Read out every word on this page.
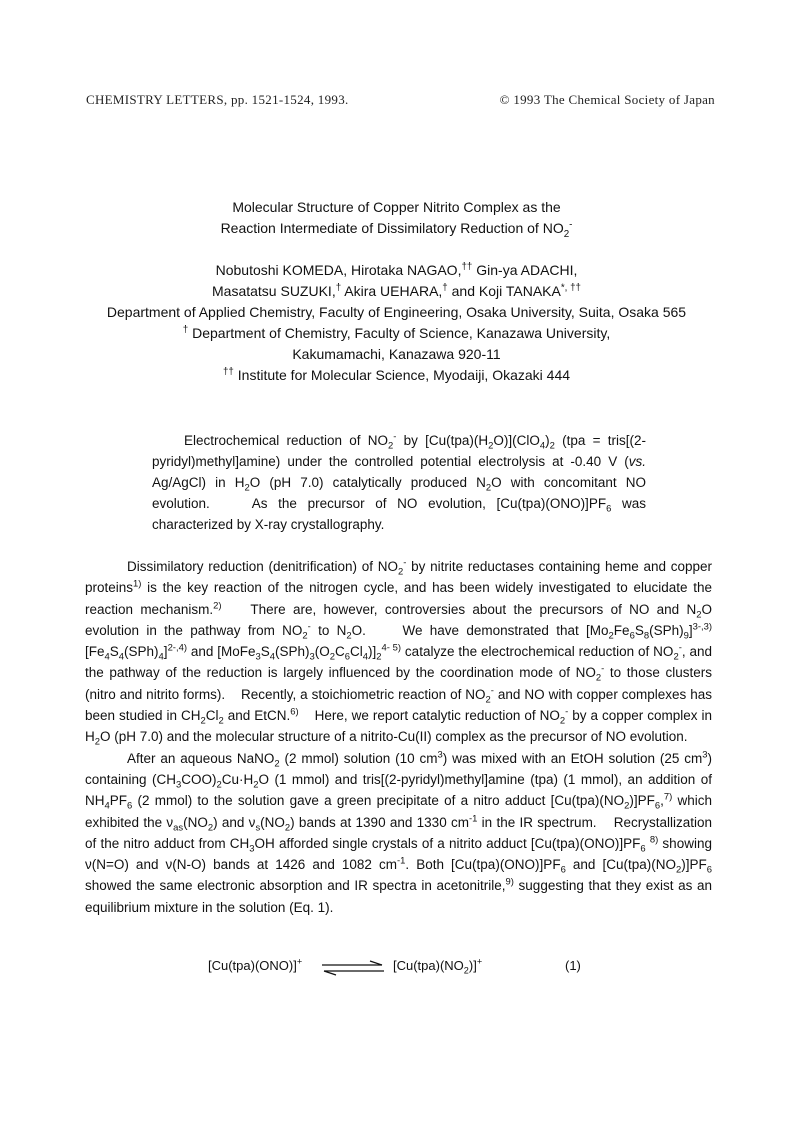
CHEMISTRY LETTERS, pp. 1521-1524, 1993.	© 1993 The Chemical Society of Japan
Molecular Structure of Copper Nitrito Complex as the
Reaction Intermediate of Dissimilatory Reduction of $NO_2^-$
Nobutoshi KOMEDA, Hirotaka NAGAO,†† Gin-ya ADACHI,
Masatatsu SUZUKI,† Akira UEHARA,† and Koji TANAKA*, ††
Department of Applied Chemistry, Faculty of Engineering, Osaka University, Suita, Osaka 565
† Department of Chemistry, Faculty of Science, Kanazawa University,
Kakumamachi, Kanazawa 920-11
†† Institute for Molecular Science, Myodaiji, Okazaki 444

Electrochemical reduction of $NO_2^-$ by $[Cu(tpa)(H_2O)](ClO_4)_2$ (tpa = tris[(2-pyridyl)methyl]amine) under the controlled potential electrolysis at -0.40 V (vs. Ag/AgCl) in $H_2O$ (pH 7.0) catalytically produced $N_2O$ with concomitant NO evolution.    As the precursor of NO evolution, $[Cu(tpa)(ONO)]PF_6$ was characterized by X-ray crystallography.

Dissimilatory reduction (denitrification) of $NO_2^-$ by nitrite reductases containing heme and copper proteins$^{1)}$ is the key reaction of the nitrogen cycle, and has been widely investigated to elucidate the reaction mechanism.$^{2)}$    There are, however, controversies about the precursors of NO and $N_2O$ evolution in the pathway from $NO_2^-$ to $N_2O$.     We have demonstrated that $[Mo_2Fe_6S_8(SPh)_9]^{3-,3)}$ $[Fe_4S_4(SPh)_4]^{2-,4)}$ and $[MoFe_3S_4(SPh)_3(O_2C_6Cl_4)]_2^{4- 5)}$ catalyze the electrochemical reduction of $NO_2^-$, and the pathway of the reduction is largely influenced by the coordination mode of $NO_2^-$ to those clusters (nitro and nitrito forms).    Recently, a stoichiometric reaction of $NO_2^-$ and NO with copper complexes has been studied in $CH_2Cl_2$ and EtCN.$^{6)}$    Here, we report catalytic reduction of $NO_2^-$ by a copper complex in $H_2O$ (pH 7.0) and the molecular structure of a nitrito-Cu(II) complex as the precursor of NO evolution.

After an aqueous NaNO$_2$ (2 mmol) solution (10 $cm^3$) was mixed with an EtOH solution (25 $cm^3$) containing $(CH_3COO)_2Cu\cdot H_2O$ (1 mmol) and tris[(2-pyridyl)methyl]amine (tpa) (1 mmol), an addition of $NH_4PF_6$ (2 mmol) to the solution gave a green precipitate of a nitro adduct $[Cu(tpa)(NO_2)]PF_6,^{7)}$ which exhibited the $\nu_{as}(NO_2)$ and $\nu_s(NO_2)$ bands at 1390 and 1330 $cm^{-1}$ in the IR spectrum.    Recrystallization of the nitro adduct from $CH_3OH$ afforded single crystals of a nitrito adduct $[Cu(tpa)(ONO)]PF_6$ $^{8)}$ showing ν(N=O) and ν(N-O) bands at 1426 and 1082 $cm^{-1}$. Both $[Cu(tpa)(ONO)]PF_6$ and $[Cu(tpa)(NO_2)]PF_6$ showed the same electronic absorption and IR spectra in acetonitrile,$^{9)}$ suggesting that they exist as an equilibrium mixture in the solution (Eq. 1).

[Cu(tpa)(ONO)]+	$[Cu(tpa)(NO_2)]^+$	(1)
